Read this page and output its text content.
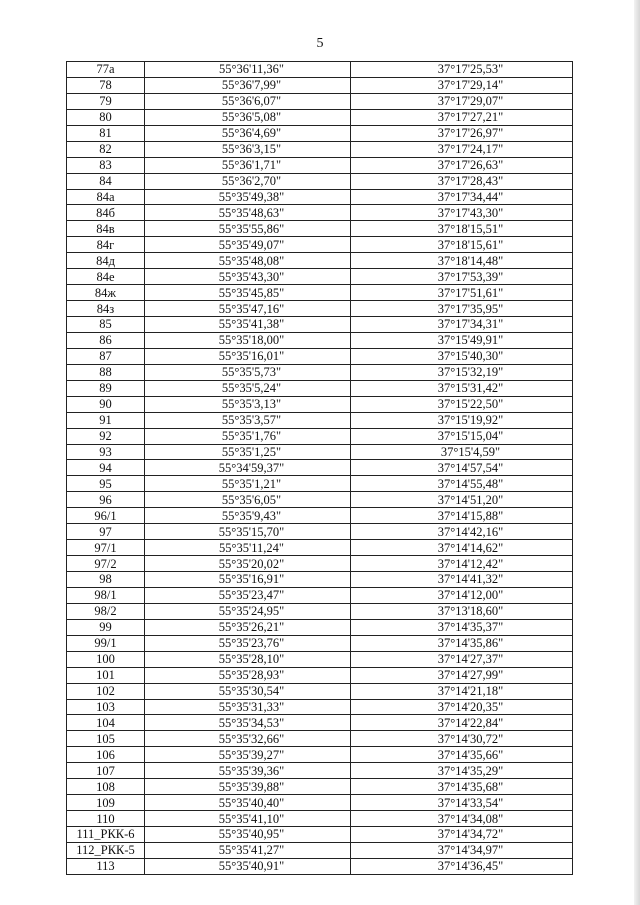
5
77а	55°36'11,36"	37°17'25,53"
78	55°36'7,99"	37°17'29,14"
79	55°36'6,07"	37°17'29,07"
80	55°36'5,08"	37°17'27,21"
81	55°36'4,69"	37°17'26,97"
82	55°36'3,15"	37°17'24,17"
83	55°36'1,71"	37°17'26,63"
84	55°36'2,70"	37°17'28,43"
84а	55°35'49,38"	37°17'34,44"
84б	55°35'48,63"	37°17'43,30"
84в	55°35'55,86"	37°18'15,51"
84г	55°35'49,07"	37°18'15,61"
84д	55°35'48,08"	37°18'14,48"
84е	55°35'43,30"	37°17'53,39"
84ж	55°35'45,85"	37°17'51,61"
84з	55°35'47,16"	37°17'35,95"
85	55°35'41,38"	37°17'34,31"
86	55°35'18,00"	37°15'49,91"
87	55°35'16,01"	37°15'40,30"
88	55°35'5,73"	37°15'32,19"
89	55°35'5,24"	37°15'31,42"
90	55°35'3,13"	37°15'22,50"
91	55°35'3,57"	37°15'19,92"
92	55°35'1,76"	37°15'15,04"
93	55°35'1,25"	37°15'4,59"
94	55°34'59,37"	37°14'57,54"
95	55°35'1,21"	37°14'55,48"
96	55°35'6,05"	37°14'51,20"
96/1	55°35'9,43"	37°14'15,88"
97	55°35'15,70"	37°14'42,16"
97/1	55°35'11,24"	37°14'14,62"
97/2	55°35'20,02"	37°14'12,42"
98	55°35'16,91"	37°14'41,32"
98/1	55°35'23,47"	37°14'12,00"
98/2	55°35'24,95"	37°13'18,60"
99	55°35'26,21"	37°14'35,37"
99/1	55°35'23,76"	37°14'35,86"
100	55°35'28,10"	37°14'27,37"
101	55°35'28,93"	37°14'27,99"
102	55°35'30,54"	37°14'21,18"
103	55°35'31,33"	37°14'20,35"
104	55°35'34,53"	37°14'22,84"
105	55°35'32,66"	37°14'30,72"
106	55°35'39,27"	37°14'35,66"
107	55°35'39,36"	37°14'35,29"
108	55°35'39,88"	37°14'35,68"
109	55°35'40,40"	37°14'33,54"
110	55°35'41,10"	37°14'34,08"
111_РКК-6	55°35'40,95"	37°14'34,72"
112_РКК-5	55°35'41,27"	37°14'34,97"
113	55°35'40,91"	37°14'36,45"
